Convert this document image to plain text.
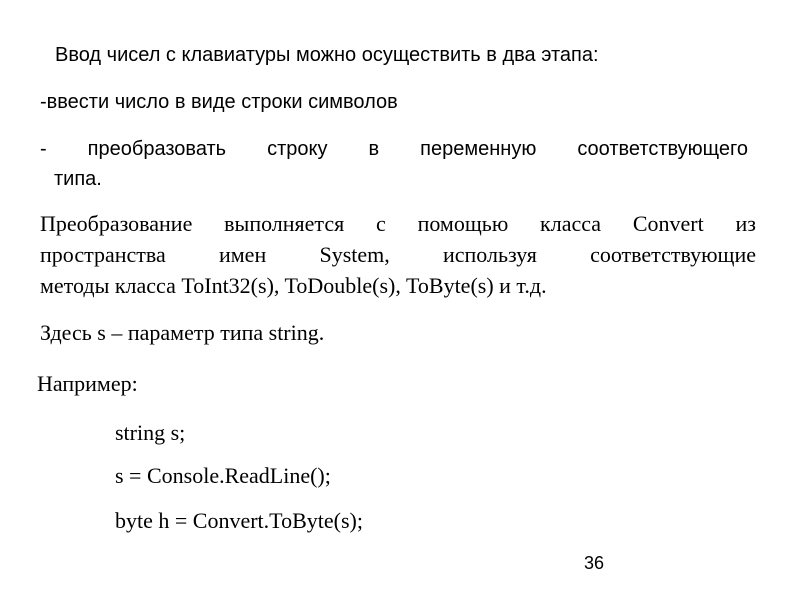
Ввод чисел с клавиатуры можно осуществить в два этапа:

-ввести число в виде строки символов

- преобразовать строку в переменную соответствующего

типа.

Преобразование выполняется с помощью класса Convert из
пространства имен System, используя соответствующие
методы класса ToInt32(s), ToDouble(s), ToByte(s) и т.д.

Здесь s – параметр типа string.

Например:

string s;

s = Console.ReadLine();

byte h = Convert.ToByte(s);

36
